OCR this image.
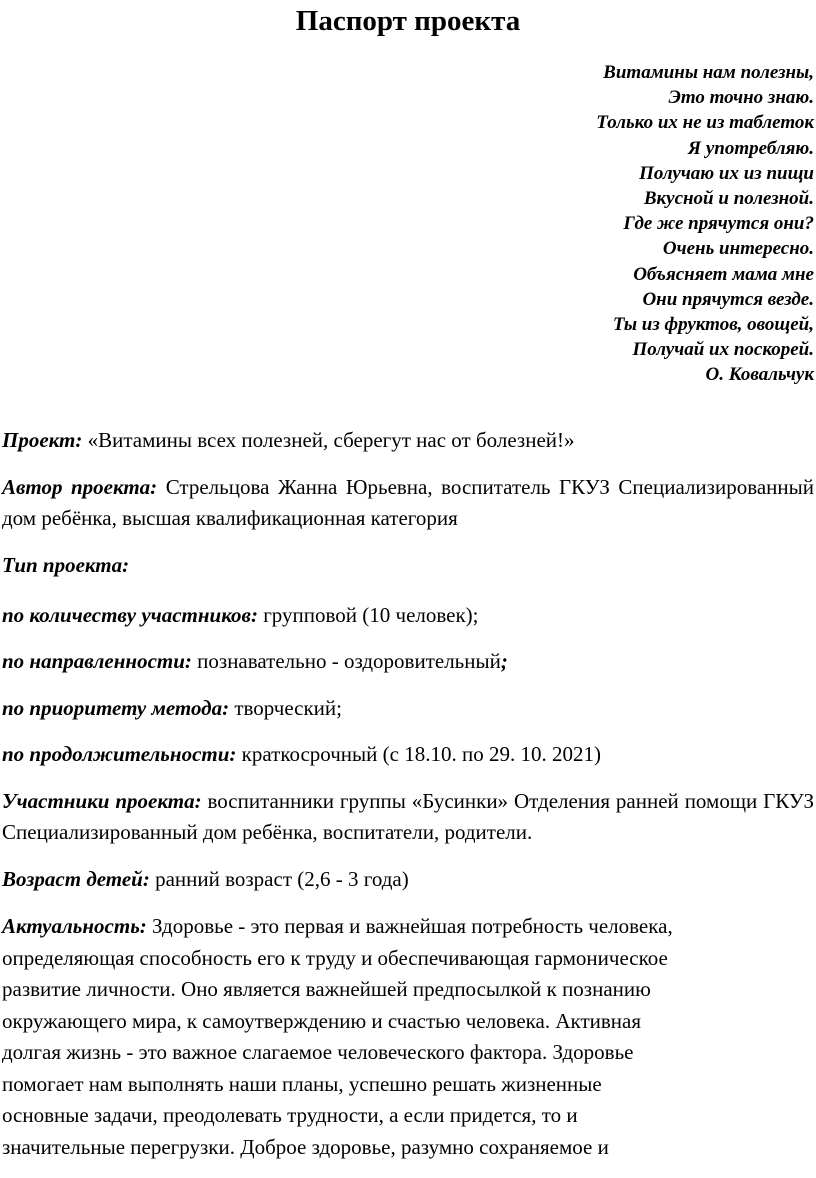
Паспорт проекта
Витамины нам полезны,
Это точно знаю.
Только их не из таблеток
Я употребляю.
Получаю их из пищи
Вкусной и полезной.
Где же прячутся они?
Очень интересно.
Объясняет мама мне
Они прячутся везде.
Ты из фруктов, овощей,
Получай их поскорей.
О. Ковальчук
Проект: «Витамины всех полезней, сберегут нас от болезней!»
Автор проекта: Стрельцова Жанна Юрьевна, воспитатель ГКУЗ Специализированный дом ребёнка, высшая квалификационная категория
Тип проекта:
по количеству участников: групповой (10 человек);
по направленности: познавательно - оздоровительный;
по приоритету метода: творческий;
по продолжительности: краткосрочный (с 18.10. по 29. 10. 2021)
Участники проекта: воспитанники группы «Бусинки» Отделения ранней помощи ГКУЗ Специализированный дом ребёнка, воспитатели, родители.
Возраст детей: ранний возраст (2,6 - 3 года)
Актуальность: Здоровье - это первая и важнейшая потребность человека,
определяющая способность его к труду и обеспечивающая гармоническое
развитие личности. Оно является важнейшей предпосылкой к познанию
окружающего мира, к самоутверждению и счастью человека. Активная
долгая жизнь - это важное слагаемое человеческого фактора. Здоровье
помогает нам выполнять наши планы, успешно решать жизненные
основные задачи, преодолевать трудности, а если придется, то и
значительные перегрузки. Доброе здоровье, разумно сохраняемое и
